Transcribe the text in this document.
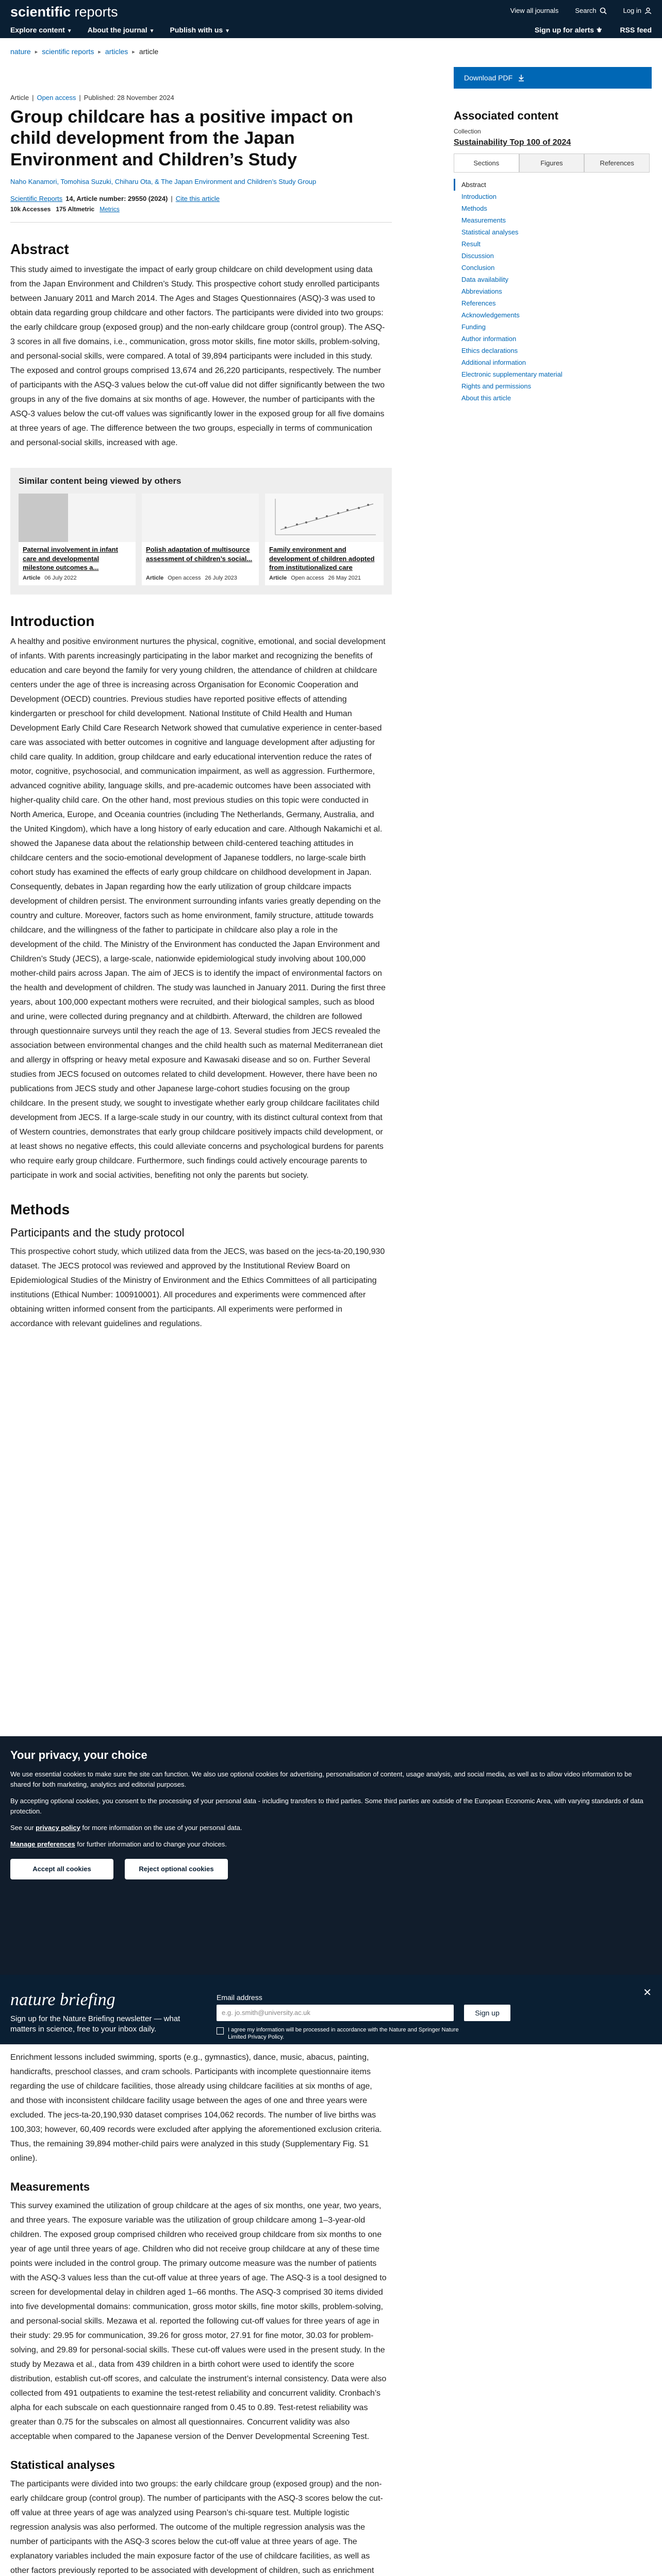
scientific reports	View all journals Search	Log in
Explore content ▼ About the journal ▼ Publish with us ▼	Sign up for alerts ⚜ RSS feed
nature ▸ scientific reports ▸ articles ▸ article
Article | Open access | Published: 28 November 2024
Group childcare has a positive impact on child development from the Japan Environment and Children’s Study
Naho Kanamori, Tomohisa Suzuki, Chiharu Ota, & The Japan Environment and Children’s Study Group
Scientific Reports 14, Article number: 29550 (2024) | Cite this article
10k Accesses 175 Altmetric Metrics
Abstract

This study aimed to investigate the impact of early group childcare on child development using data from the Japan Environment and Children’s Study. This prospective cohort study enrolled participants between January 2011 and March 2014. The Ages and Stages Questionnaires (ASQ)-3 was used to obtain data regarding group childcare and other factors. The participants were divided into two groups: the early childcare group (exposed group) and the non-early childcare group (control group). The ASQ-3 scores in all five domains, i.e., communication, gross motor skills, fine motor skills, problem-solving, and personal-social skills, were compared. A total of 39,894 participants were included in this study. The exposed and control groups comprised 13,674 and 26,220 participants, respectively. The number of participants with the ASQ-3 values below the cut-off value did not differ significantly between the two groups in any of the five domains at six months of age. However, the number of participants with the ASQ-3 values below the cut-off values was significantly lower in the exposed group for all five domains at three years of age. The difference between the two groups, especially in terms of communication and personal-social skills, increased with age.

Similar content being viewed by others
Paternal involvement in infant care and developmental milestone outcomes a...
Article 06 July 2022
Polish adaptation of multisource assessment of children’s social...
Article Open access 26 July 2023
Family environment and development of children adopted from institutionalized care
Article Open access 26 May 2021
Introduction

A healthy and positive environment nurtures the physical, cognitive, emotional, and social development of infants. With parents increasingly participating in the labor market and recognizing the benefits of education and care beyond the family for very young children, the attendance of children at childcare centers under the age of three is increasing across Organisation for Economic Cooperation and Development (OECD) countries. Previous studies have reported positive effects of attending kindergarten or preschool for child development. National Institute of Child Health and Human Development Early Child Care Research Network showed that cumulative experience in center-based care was associated with better outcomes in cognitive and language development after adjusting for child care quality. In addition, group childcare and early educational intervention reduce the rates of motor, cognitive, psychosocial, and communication impairment, as well as aggression. Furthermore, advanced cognitive ability, language skills, and pre-academic outcomes have been associated with higher-quality child care. On the other hand, most previous studies on this topic were conducted in North America, Europe, and Oceania countries (including The Netherlands, Germany, Australia, and the United Kingdom), which have a long history of early education and care. Although Nakamichi et al. showed the Japanese data about the relationship between child-centered teaching attitudes in childcare centers and the socio-emotional development of Japanese toddlers, no large-scale birth cohort study has examined the effects of early group childcare on childhood development in Japan. Consequently, debates in Japan regarding how the early utilization of group childcare impacts development of children persist. The environment surrounding infants varies greatly depending on the country and culture. Moreover, factors such as home environment, family structure, attitude towards childcare, and the willingness of the father to participate in childcare also play a role in the development of the child. The Ministry of the Environment has conducted the Japan Environment and Children’s Study (JECS), a large-scale, nationwide epidemiological study involving about 100,000 mother-child pairs across Japan. The aim of JECS is to identify the impact of environmental factors on the health and development of children. The study was launched in January 2011. During the first three years, about 100,000 expectant mothers were recruited, and their biological samples, such as blood and urine, were collected during pregnancy and at childbirth. Afterward, the children are followed through questionnaire surveys until they reach the age of 13. Several studies from JECS revealed the association between environmental changes and the child health such as maternal Mediterranean diet and allergy in offspring or heavy metal exposure and Kawasaki disease and so on. Further Several studies from JECS focused on outcomes related to child development. However, there have been no publications from JECS study and other Japanese large-cohort studies focusing on the group childcare. In the present study, we sought to investigate whether early group childcare facilitates child development from JECS. If a large-scale study in our country, with its distinct cultural context from that of Western countries, demonstrates that early group childcare positively impacts child development, or at least shows no negative effects, this could alleviate concerns and psychological burdens for parents who require early group childcare. Furthermore, such findings could actively encourage parents to participate in work and social activities, benefiting not only the parents but society.

Methods
Participants and the study protocol

This prospective cohort study, which utilized data from the JECS, was based on the jecs-ta-20,190,930 dataset. The JECS protocol was reviewed and approved by the Institutional Review Board on Epidemiological Studies of the Ministry of Environment and the Ethics Committees of all participating institutions (Ethical Number: 100910001). All procedures and experiments were commenced after obtaining written informed consent from the participants. All experiments were performed in accordance with relevant guidelines and regulations.

Download PDF
Associated content
Collection
Sustainability Top 100 of 2024
Sections	Figures	References
Abstract
Introduction
Methods
Measurements
Statistical analyses
Result
Discussion
Conclusion
Data availability
Abbreviations
References
Acknowledgements
Funding
Author information
Ethics declarations
Additional information
Electronic supplementary material
Rights and permissions
About this article
Your privacy, your choice

We use essential cookies to make sure the site can function. We also use optional cookies for advertising, personalisation of content, usage analysis, and social media, as well as to allow video information to be shared for both marketing, analytics and editorial purposes.

By accepting optional cookies, you consent to the processing of your personal data - including transfers to third parties. Some third parties are outside of the European Economic Area, with varying standards of data protection.

See our privacy policy for more information on the use of your personal data.

Manage preferences for further information and to change your choices.

Accept all cookies	Reject optional cookies
nature briefing
Sign up for the Nature Briefing newsletter — what matters in science, free to your inbox daily.
Email address
e.g. jo.smith@university.ac.uk	Sign up
I agree my information will be processed in accordance with the Nature and Springer Nature Limited Privacy Policy.
✕

Enrichment lessons included swimming, sports (e.g., gymnastics), dance, music, abacus, painting, handicrafts, preschool classes, and cram schools. Participants with incomplete questionnaire items regarding the use of childcare facilities, those already using childcare facilities at six months of age, and those with inconsistent childcare facility usage between the ages of one and three years were excluded. The jecs-ta-20,190,930 dataset comprises 104,062 records. The number of live births was 100,303; however, 60,409 records were excluded after applying the aforementioned exclusion criteria. Thus, the remaining 39,894 mother-child pairs were analyzed in this study (Supplementary Fig. S1 online).

Measurements

This survey examined the utilization of group childcare at the ages of six months, one year, two years, and three years. The exposure variable was the utilization of group childcare among 1–3-year-old children. The exposed group comprised children who received group childcare from six months to one year of age until three years of age. Children who did not receive group childcare at any of these time points were included in the control group. The primary outcome measure was the number of patients with the ASQ-3 values less than the cut-off value at three years of age. The ASQ-3 is a tool designed to screen for developmental delay in children aged 1–66 months. The ASQ-3 comprised 30 items divided into five developmental domains: communication, gross motor skills, fine motor skills, problem-solving, and personal-social skills. Mezawa et al. reported the following cut-off values for three years of age in their study: 29.95 for communication, 39.26 for gross motor, 27.91 for fine motor, 30.03 for problem-solving, and 29.89 for personal-social skills. These cut-off values were used in the present study. In the study by Mezawa et al., data from 439 children in a birth cohort were used to identify the score distribution, establish cut-off scores, and calculate the instrument’s internal consistency. Data were also collected from 491 outpatients to examine the test-retest reliability and concurrent validity. Cronbach’s alpha for each subscale on each questionnaire ranged from 0.45 to 0.89. Test-retest reliability was greater than 0.75 for the subscales on almost all questionnaires. Concurrent validity was also acceptable when compared to the Japanese version of the Denver Developmental Screening Test.

Statistical analyses

The participants were divided into two groups: the early childcare group (exposed group) and the non-early childcare group (control group). The number of participants with the ASQ-3 scores below the cut-off value at three years of age was analyzed using Pearson’s chi-square test. Multiple logistic regression analysis was also performed. The outcome of the multiple regression analysis was the number of participants with the ASQ-3 scores below the cut-off value at three years of age. The explanatory variables included the main exposure factor of the use of childcare facilities, as well as other factors previously reported to be associated with development of children, such as enrichment
